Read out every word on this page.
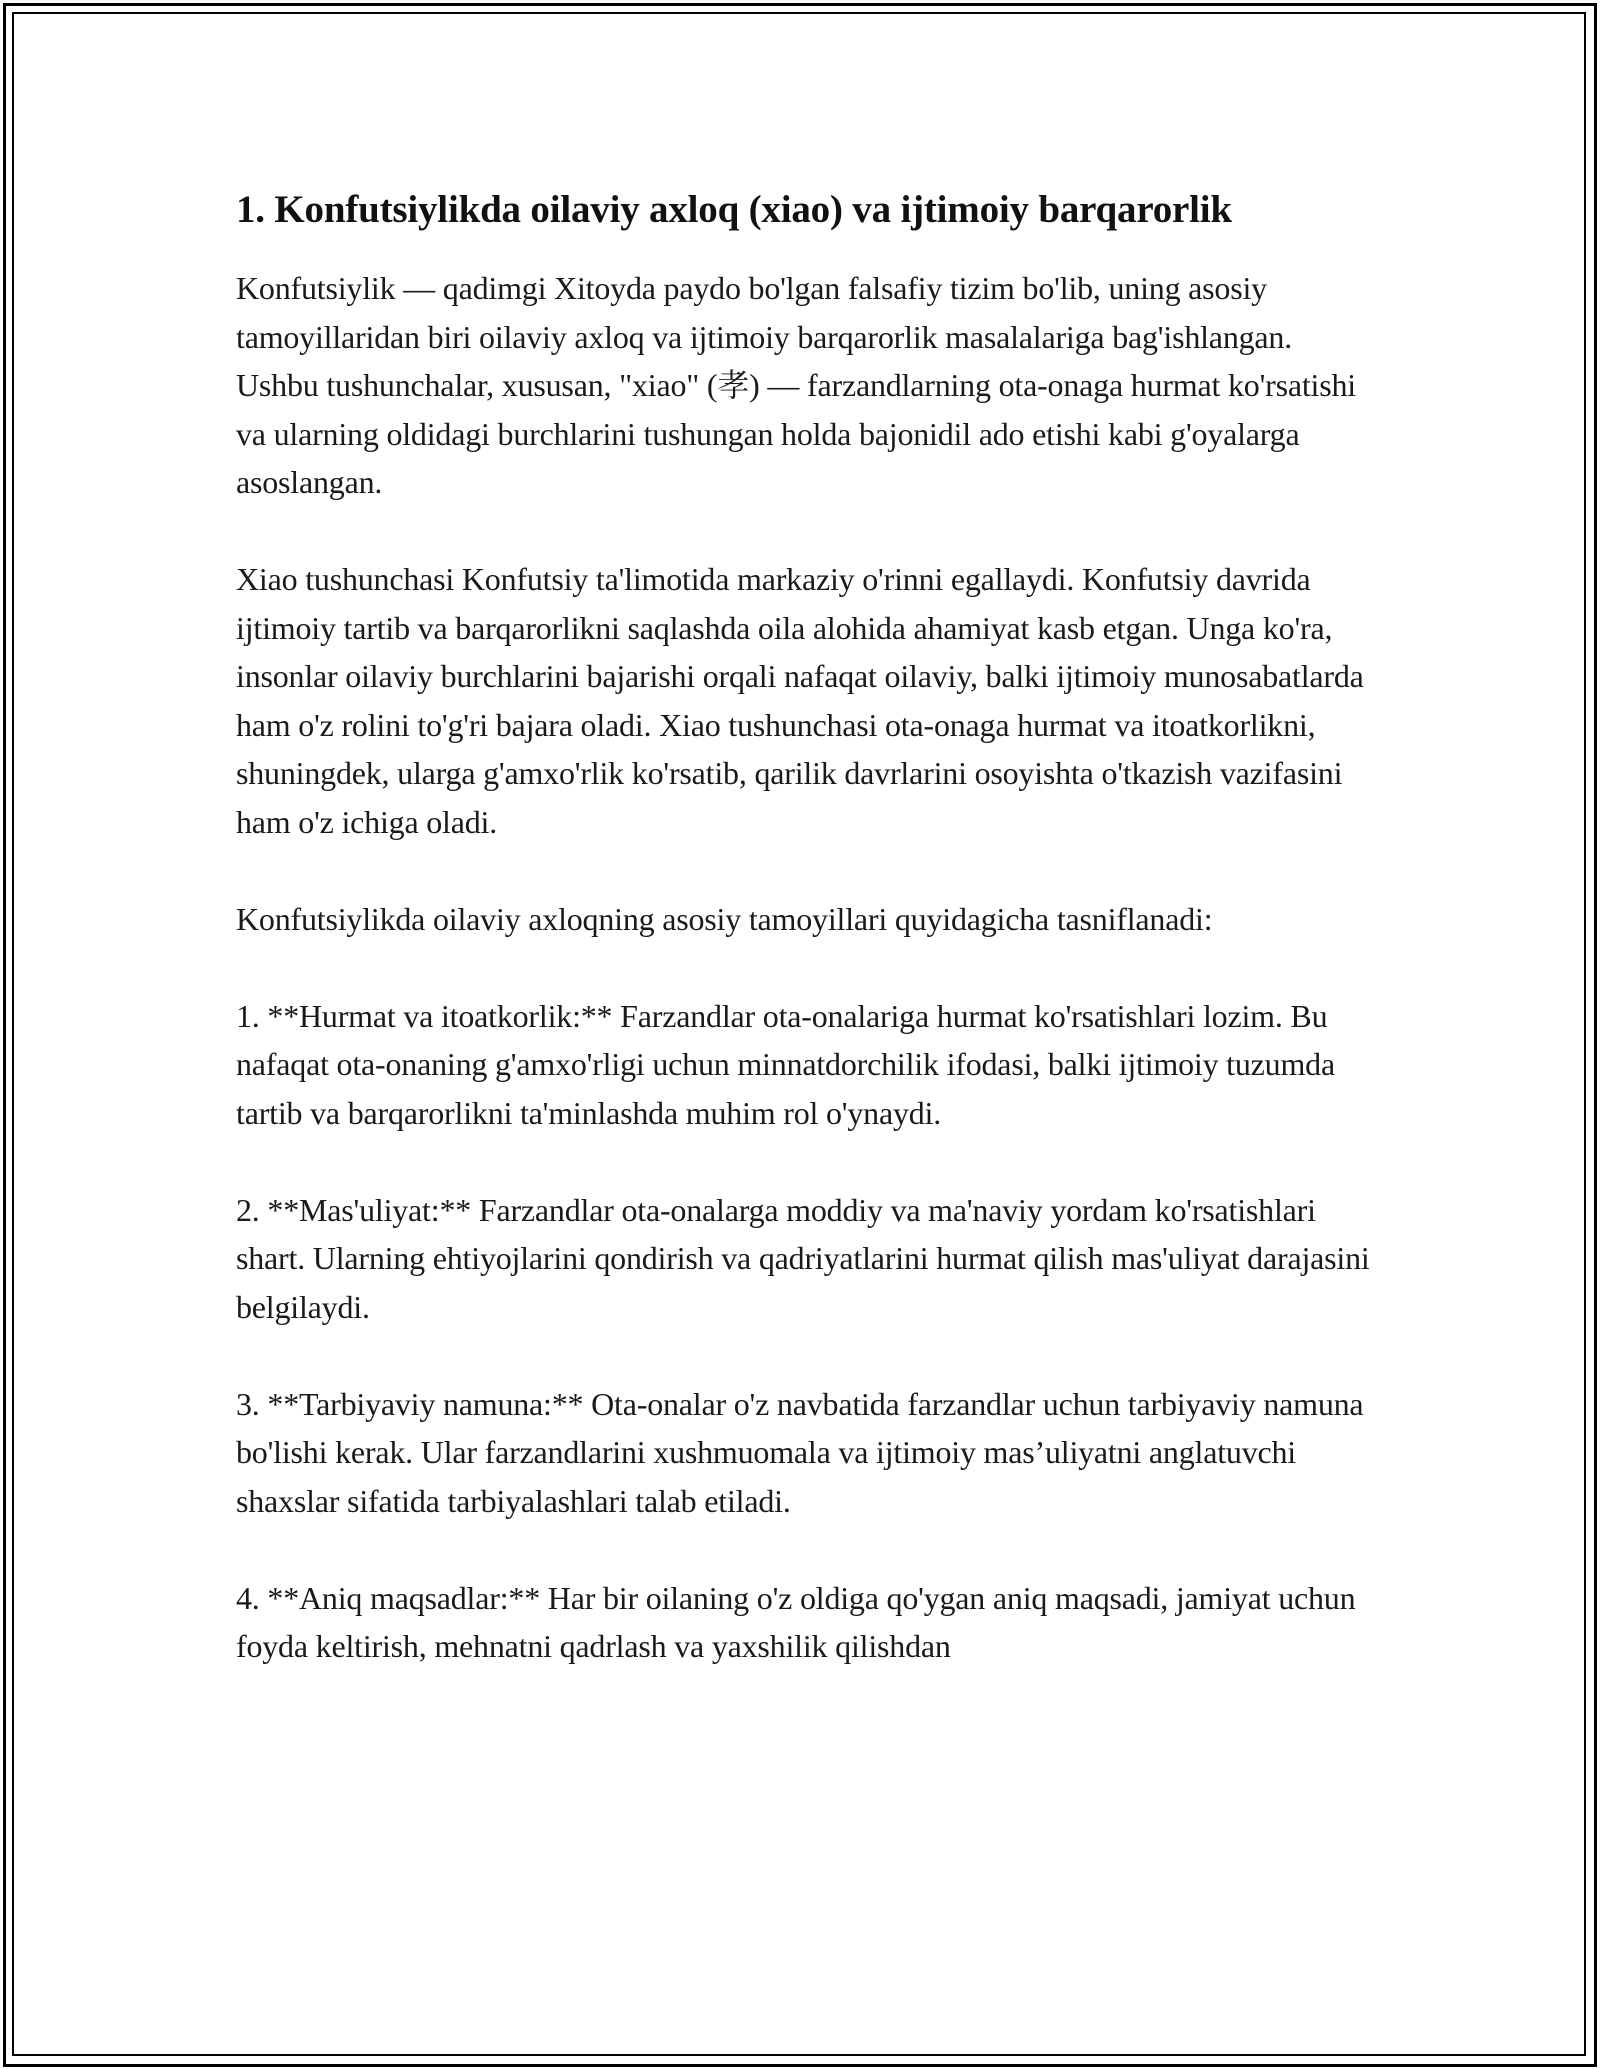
1. Konfutsiylikda oilaviy axloq (xiao) va ijtimoiy barqarorlik

Konfutsiylik — qadimgi Xitoyda paydo bo'lgan falsafiy tizim bo'lib, uning asosiy tamoyillaridan biri oilaviy axloq va ijtimoiy barqarorlik masalalariga bag'ishlangan. Ushbu tushunchalar, xususan, "xiao" (孝) — farzandlarning ota-onaga hurmat ko'rsatishi va ularning oldidagi burchlarini tushungan holda bajonidil ado etishi kabi g'oyalarga asoslangan.

Xiao tushunchasi Konfutsiy ta'limotida markaziy o'rinni egallaydi. Konfutsiy davrida ijtimoiy tartib va barqarorlikni saqlashda oila alohida ahamiyat kasb etgan. Unga ko'ra, insonlar oilaviy burchlarini bajarishi orqali nafaqat oilaviy, balki ijtimoiy munosabatlarda ham o'z rolini to'g'ri bajara oladi. Xiao tushunchasi ota-onaga hurmat va itoatkorlikni, shuningdek, ularga g'amxo'rlik ko'rsatib, qarilik davrlarini osoyishta o'tkazish vazifasini ham o'z ichiga oladi.

Konfutsiylikda oilaviy axloqning asosiy tamoyillari quyidagicha tasniflanadi:

1. **Hurmat va itoatkorlik:** Farzandlar ota-onalariga hurmat ko'rsatishlari lozim. Bu nafaqat ota-onaning g'amxo'rligi uchun minnatdorchilik ifodasi, balki ijtimoiy tuzumda tartib va barqarorlikni ta'minlashda muhim rol o'ynaydi.

2. **Mas'uliyat:** Farzandlar ota-onalarga moddiy va ma'naviy yordam ko'rsatishlari shart. Ularning ehtiyojlarini qondirish va qadriyatlarini hurmat qilish mas'uliyat darajasini belgilaydi.

3. **Tarbiyaviy namuna:** Ota-onalar o'z navbatida farzandlar uchun tarbiyaviy namuna bo'lishi kerak. Ular farzandlarini xushmuomala va ijtimoiy mas’uliyatni anglatuvchi shaxslar sifatida tarbiyalashlari talab etiladi.

4. **Aniq maqsadlar:** Har bir oilaning o'z oldiga qo'ygan aniq maqsadi, jamiyat uchun foyda keltirish, mehnatni qadrlash va yaxshilik qilishdan
